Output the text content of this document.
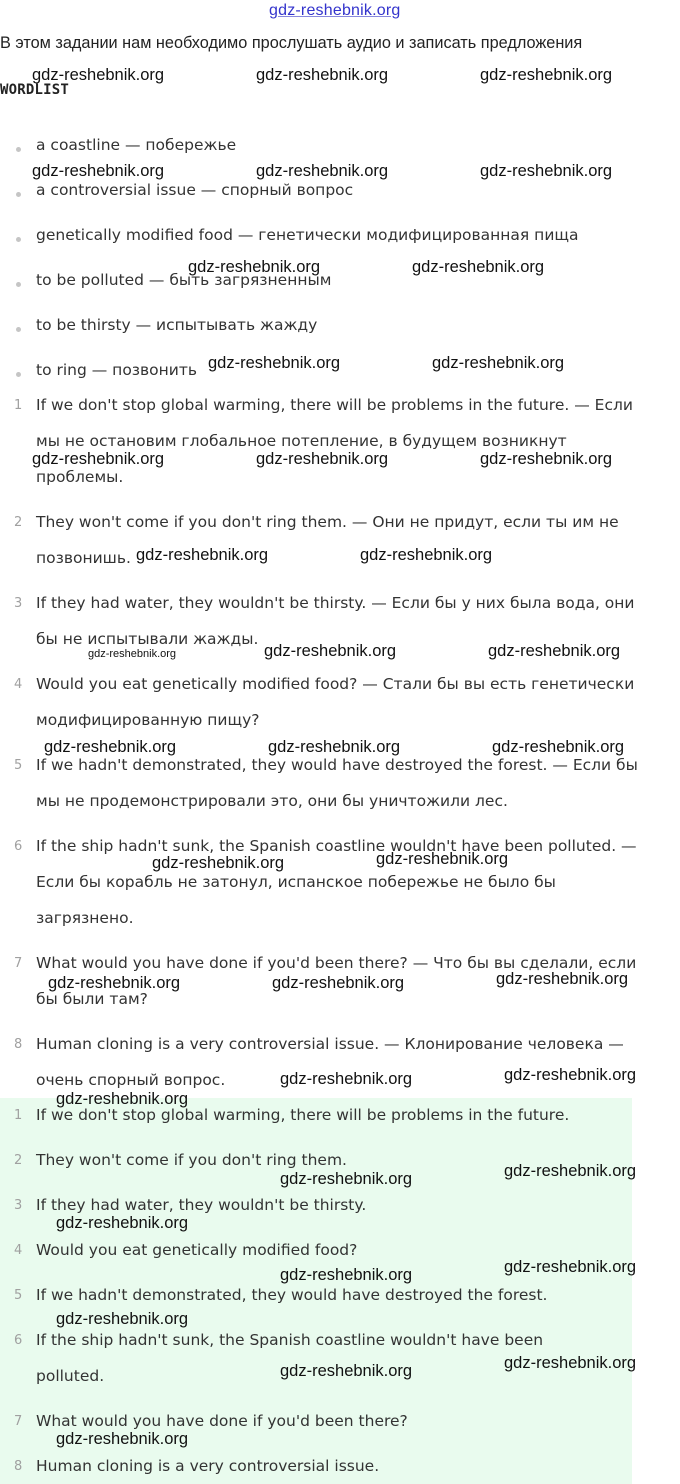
gdz-reshebnik.org
В этом задании нам необходимо прослушать аудио и записать предложения
WORDLIST
a coastline — побережье
a controversial issue — спорный вопрос
genetically modified food — генетически модифицированная пища
to be polluted — быть загрязненным
to be thirsty — испытывать жажду
to ring — позвонить
1 If we don't stop global warming, there will be problems in the future. — Если
мы не остановим глобальное потепление, в будущем возникнут
проблемы.
2 They won't come if you don't ring them. — Они не придут, если ты им не
позвонишь.
3 If they had water, they wouldn't be thirsty. — Если бы у них была вода, они
бы не испытывали жажды.
4 Would you eat genetically modified food? — Стали бы вы есть генетически
модифицированную пищу?
5 If we hadn't demonstrated, they would have destroyed the forest. — Если бы
мы не продемонстрировали это, они бы уничтожили лес.
6 If the ship hadn't sunk, the Spanish coastline wouldn't have been polluted. —
Если бы корабль не затонул, испанское побережье не было бы
загрязнено.
7 What would you have done if you'd been there? — Что бы вы сделали, если
бы были там?
8 Human cloning is a very controversial issue. — Клонирование человека —
очень спорный вопрос.
1 If we don't stop global warming, there will be problems in the future.
2 They won't come if you don't ring them.
3 If they had water, they wouldn't be thirsty.
4 Would you eat genetically modified food?
5 If we hadn't demonstrated, they would have destroyed the forest.
6 If the ship hadn't sunk, the Spanish coastline wouldn't have been
polluted.
7 What would you have done if you'd been there?
8 Human cloning is a very controversial issue.
gdz-reshebnik.org	gdz-reshebnik.org	gdz-reshebnik.org
gdz-reshebnik.org	gdz-reshebnik.org	gdz-reshebnik.org
gdz-reshebnik.org	gdz-reshebnik.org
gdz-reshebnik.org	gdz-reshebnik.org
gdz-reshebnik.org	gdz-reshebnik.org	gdz-reshebnik.org
gdz-reshebnik.org	gdz-reshebnik.org
gdz-reshebnik.org	gdz-reshebnik.org	gdz-reshebnik.org
gdz-reshebnik.org	gdz-reshebnik.org	gdz-reshebnik.org
gdz-reshebnik.org	gdz-reshebnik.org
gdz-reshebnik.org	gdz-reshebnik.org	gdz-reshebnik.org
gdz-reshebnik.org	gdz-reshebnik.org
gdz-reshebnik.org
gdz-reshebnik.org	gdz-reshebnik.org
gdz-reshebnik.org
gdz-reshebnik.org	gdz-reshebnik.org
gdz-reshebnik.org
gdz-reshebnik.org	gdz-reshebnik.org
gdz-reshebnik.org
